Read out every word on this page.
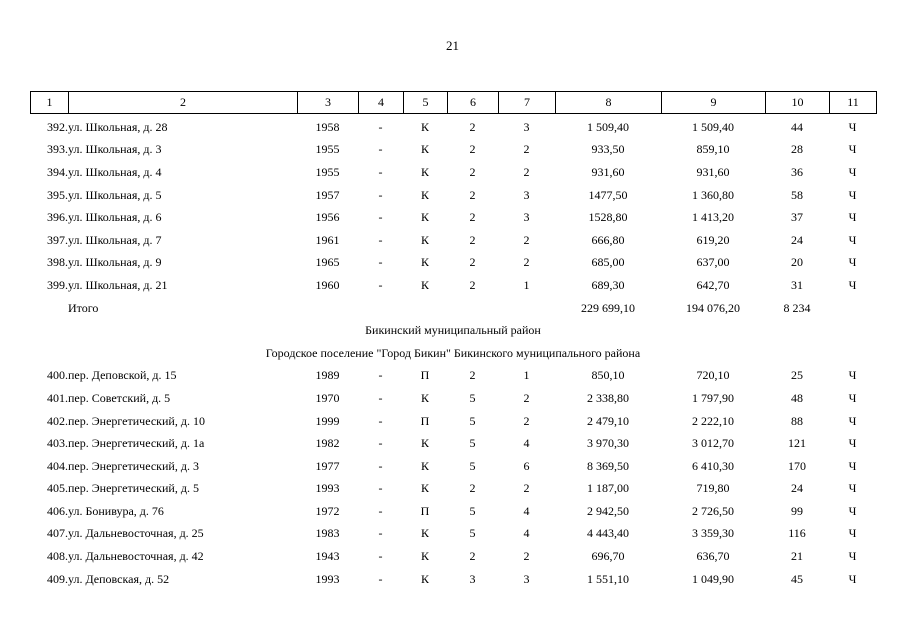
21
1	2	3	4	5	6	7	8	9	10	11
392.	ул. Школьная, д. 28	1958	-	К	2	3	1 509,40	1 509,40	44	Ч
393.	ул. Школьная, д. 3	1955	-	К	2	2	933,50	859,10	28	Ч
394.	ул. Школьная, д. 4	1955	-	К	2	2	931,60	931,60	36	Ч
395.	ул. Школьная, д. 5	1957	-	К	2	3	1477,50	1 360,80	58	Ч
396.	ул. Школьная, д. 6	1956	-	К	2	3	1528,80	1 413,20	37	Ч
397.	ул. Школьная, д. 7	1961	-	К	2	2	666,80	619,20	24	Ч
398.	ул. Школьная, д. 9	1965	-	К	2	2	685,00	637,00	20	Ч
399.	ул. Школьная, д. 21	1960	-	К	2	1	689,30	642,70	31	Ч
	Итого						229 699,10	194 076,20	8 234	
Бикинский муниципальный район										
Городское поселение "Город Бикин" Бикинского муниципального района										
400.	пер. Деповской, д. 15	1989	-	П	2	1	850,10	720,10	25	Ч
401.	пер. Советский, д. 5	1970	-	К	5	2	2 338,80	1 797,90	48	Ч
402.	пер. Энергетический, д. 10	1999	-	П	5	2	2 479,10	2 222,10	88	Ч
403.	пер. Энергетический, д. 1а	1982	-	К	5	4	3 970,30	3 012,70	121	Ч
404.	пер. Энергетический, д. 3	1977	-	К	5	6	8 369,50	6 410,30	170	Ч
405.	пер. Энергетический, д. 5	1993	-	К	2	2	1 187,00	719,80	24	Ч
406.	ул. Бонивура, д. 76	1972	-	П	5	4	2 942,50	2 726,50	99	Ч
407.	ул. Дальневосточная, д. 25	1983	-	К	5	4	4 443,40	3 359,30	116	Ч
408.	ул. Дальневосточная, д. 42	1943	-	К	2	2	696,70	636,70	21	Ч
409.	ул. Деповская, д. 52	1993	-	К	3	3	1 551,10	1 049,90	45	Ч
